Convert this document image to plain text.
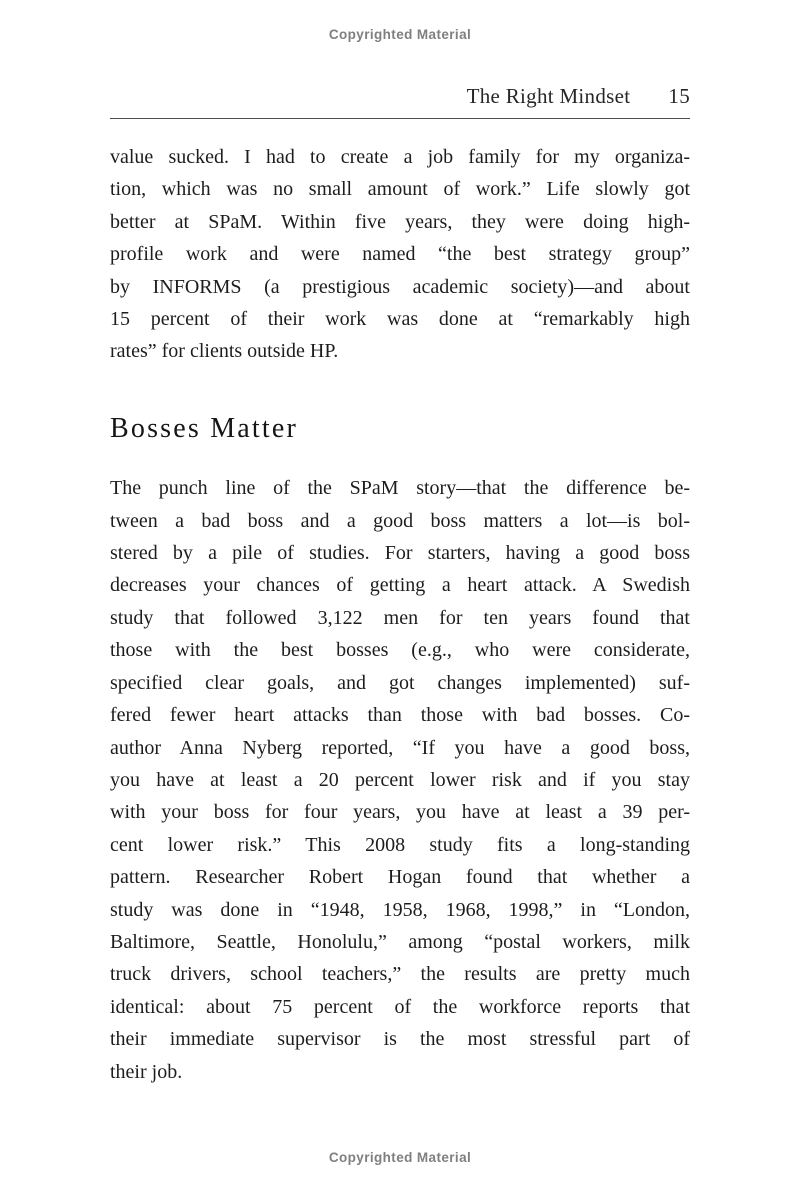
Copyrighted Material
The Right Mindset 15
value sucked. I had to create a job family for my organiza-
tion, which was no small amount of work.” Life slowly got
better at SPaM. Within five years, they were doing high-
profile work and were named “the best strategy group”
by INFORMS (a prestigious academic society)—and about
15 percent of their work was done at “remarkably high
rates” for clients outside HP.
Bosses Matter
The punch line of the SPaM story—that the difference be-
tween a bad boss and a good boss matters a lot—is bol-
stered by a pile of studies. For starters, having a good boss
decreases your chances of getting a heart attack. A Swedish
study that followed 3,122 men for ten years found that
those with the best bosses (e.g., who were considerate,
specified clear goals, and got changes implemented) suf-
fered fewer heart attacks than those with bad bosses. Co-
author Anna Nyberg reported, “If you have a good boss,
you have at least a 20 percent lower risk and if you stay
with your boss for four years, you have at least a 39 per-
cent lower risk.” This 2008 study fits a long-standing
pattern. Researcher Robert Hogan found that whether a
study was done in “1948, 1958, 1968, 1998,” in “London,
Baltimore, Seattle, Honolulu,” among “postal workers, milk
truck drivers, school teachers,” the results are pretty much
identical: about 75 percent of the workforce reports that
their immediate supervisor is the most stressful part of
their job.
Copyrighted Material
